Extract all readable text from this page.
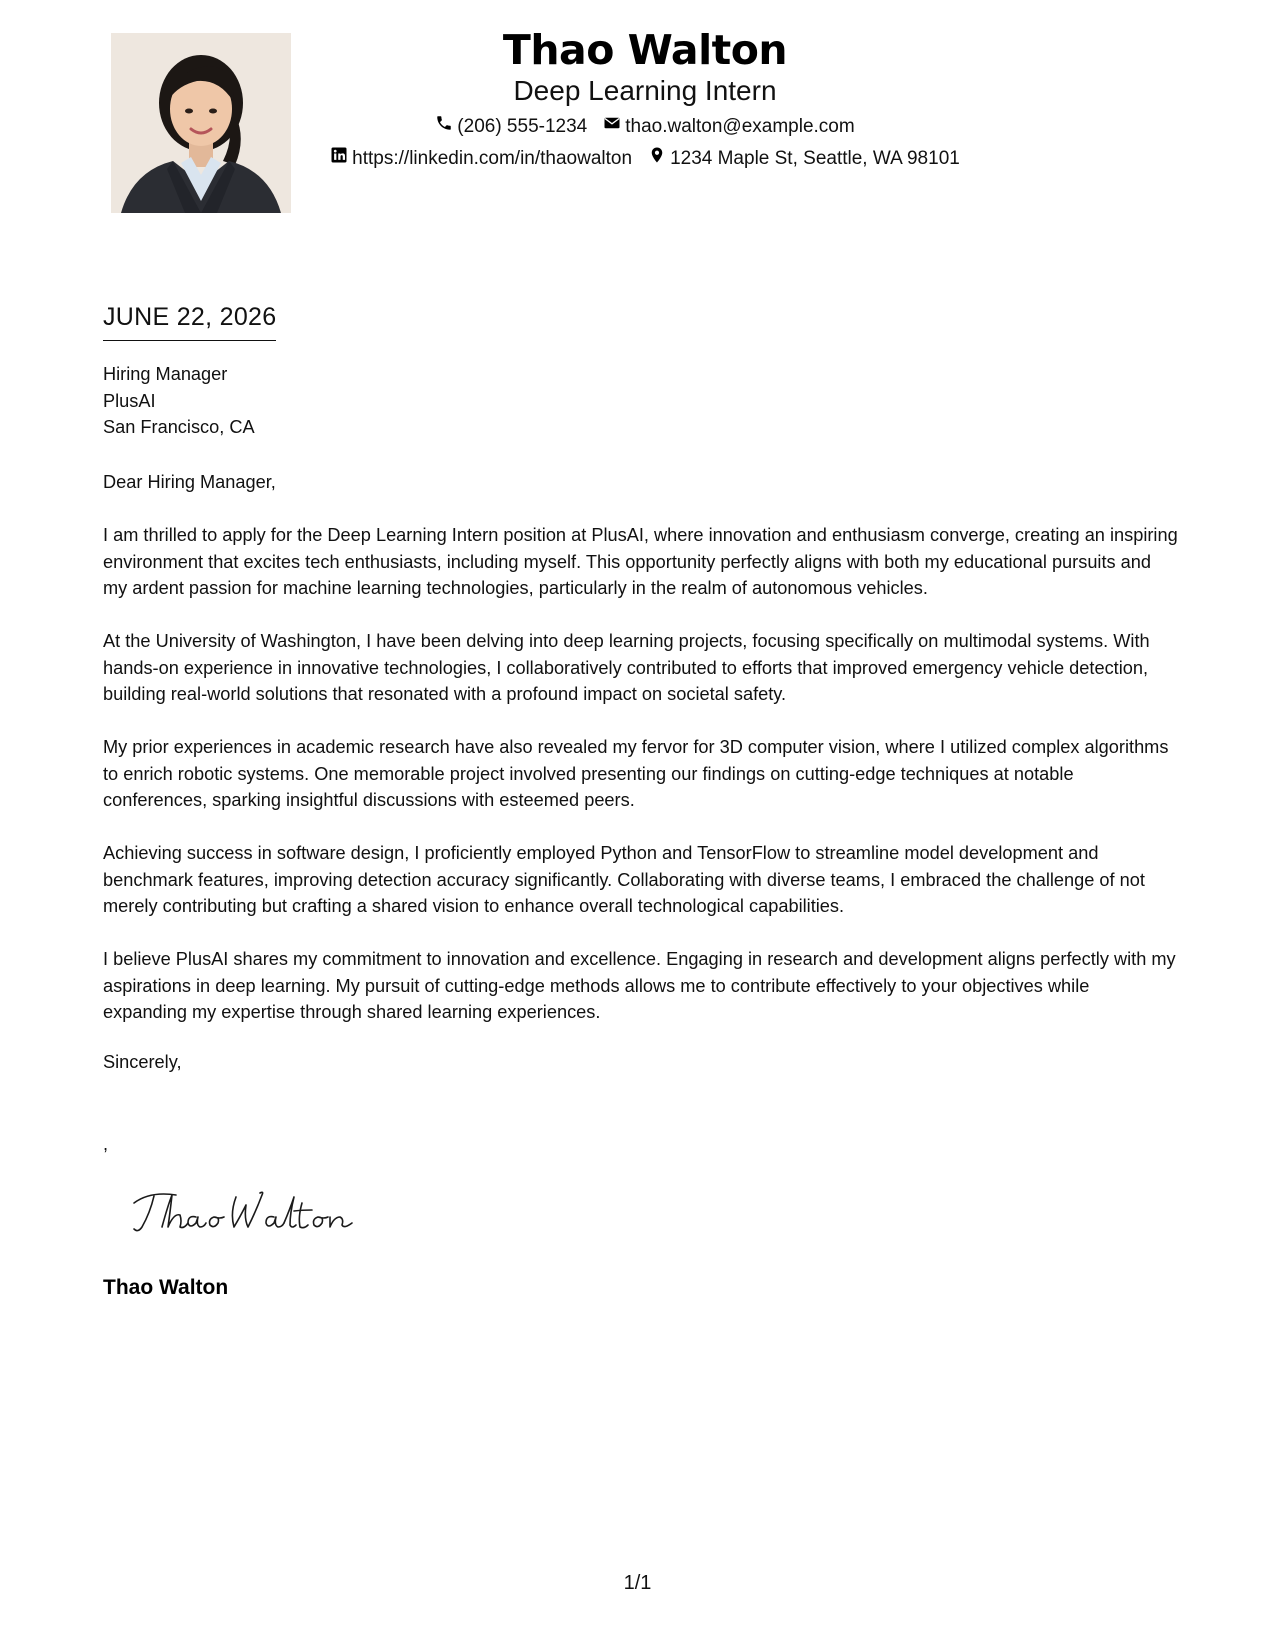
Thao Walton
Deep Learning Intern
(206) 555-1234 thao.walton@example.com
https://linkedin.com/in/thaowalton 1234 Maple St, Seattle, WA 98101
JUNE 22, 2026
Hiring Manager
PlusAI
San Francisco, CA
Dear Hiring Manager,

I am thrilled to apply for the Deep Learning Intern position at PlusAI, where innovation and enthusiasm converge, creating an inspiring environment that excites tech enthusiasts, including myself. This opportunity perfectly aligns with both my educational pursuits and my ardent passion for machine learning technologies, particularly in the realm of autonomous vehicles.

At the University of Washington, I have been delving into deep learning projects, focusing specifically on multimodal systems. With hands-on experience in innovative technologies, I collaboratively contributed to efforts that improved emergency vehicle detection, building real-world solutions that resonated with a profound impact on societal safety.

My prior experiences in academic research have also revealed my fervor for 3D computer vision, where I utilized complex algorithms to enrich robotic systems. One memorable project involved presenting our findings on cutting-edge techniques at notable conferences, sparking insightful discussions with esteemed peers.

Achieving success in software design, I proficiently employed Python and TensorFlow to streamline model development and benchmark features, improving detection accuracy significantly. Collaborating with diverse teams, I embraced the challenge of not merely contributing but crafting a shared vision to enhance overall technological capabilities.

I believe PlusAI shares my commitment to innovation and excellence. Engaging in research and development aligns perfectly with my aspirations in deep learning. My pursuit of cutting-edge methods allows me to contribute effectively to your objectives while expanding my expertise through shared learning experiences.

Sincerely,
,
Thao Walton
1/1
